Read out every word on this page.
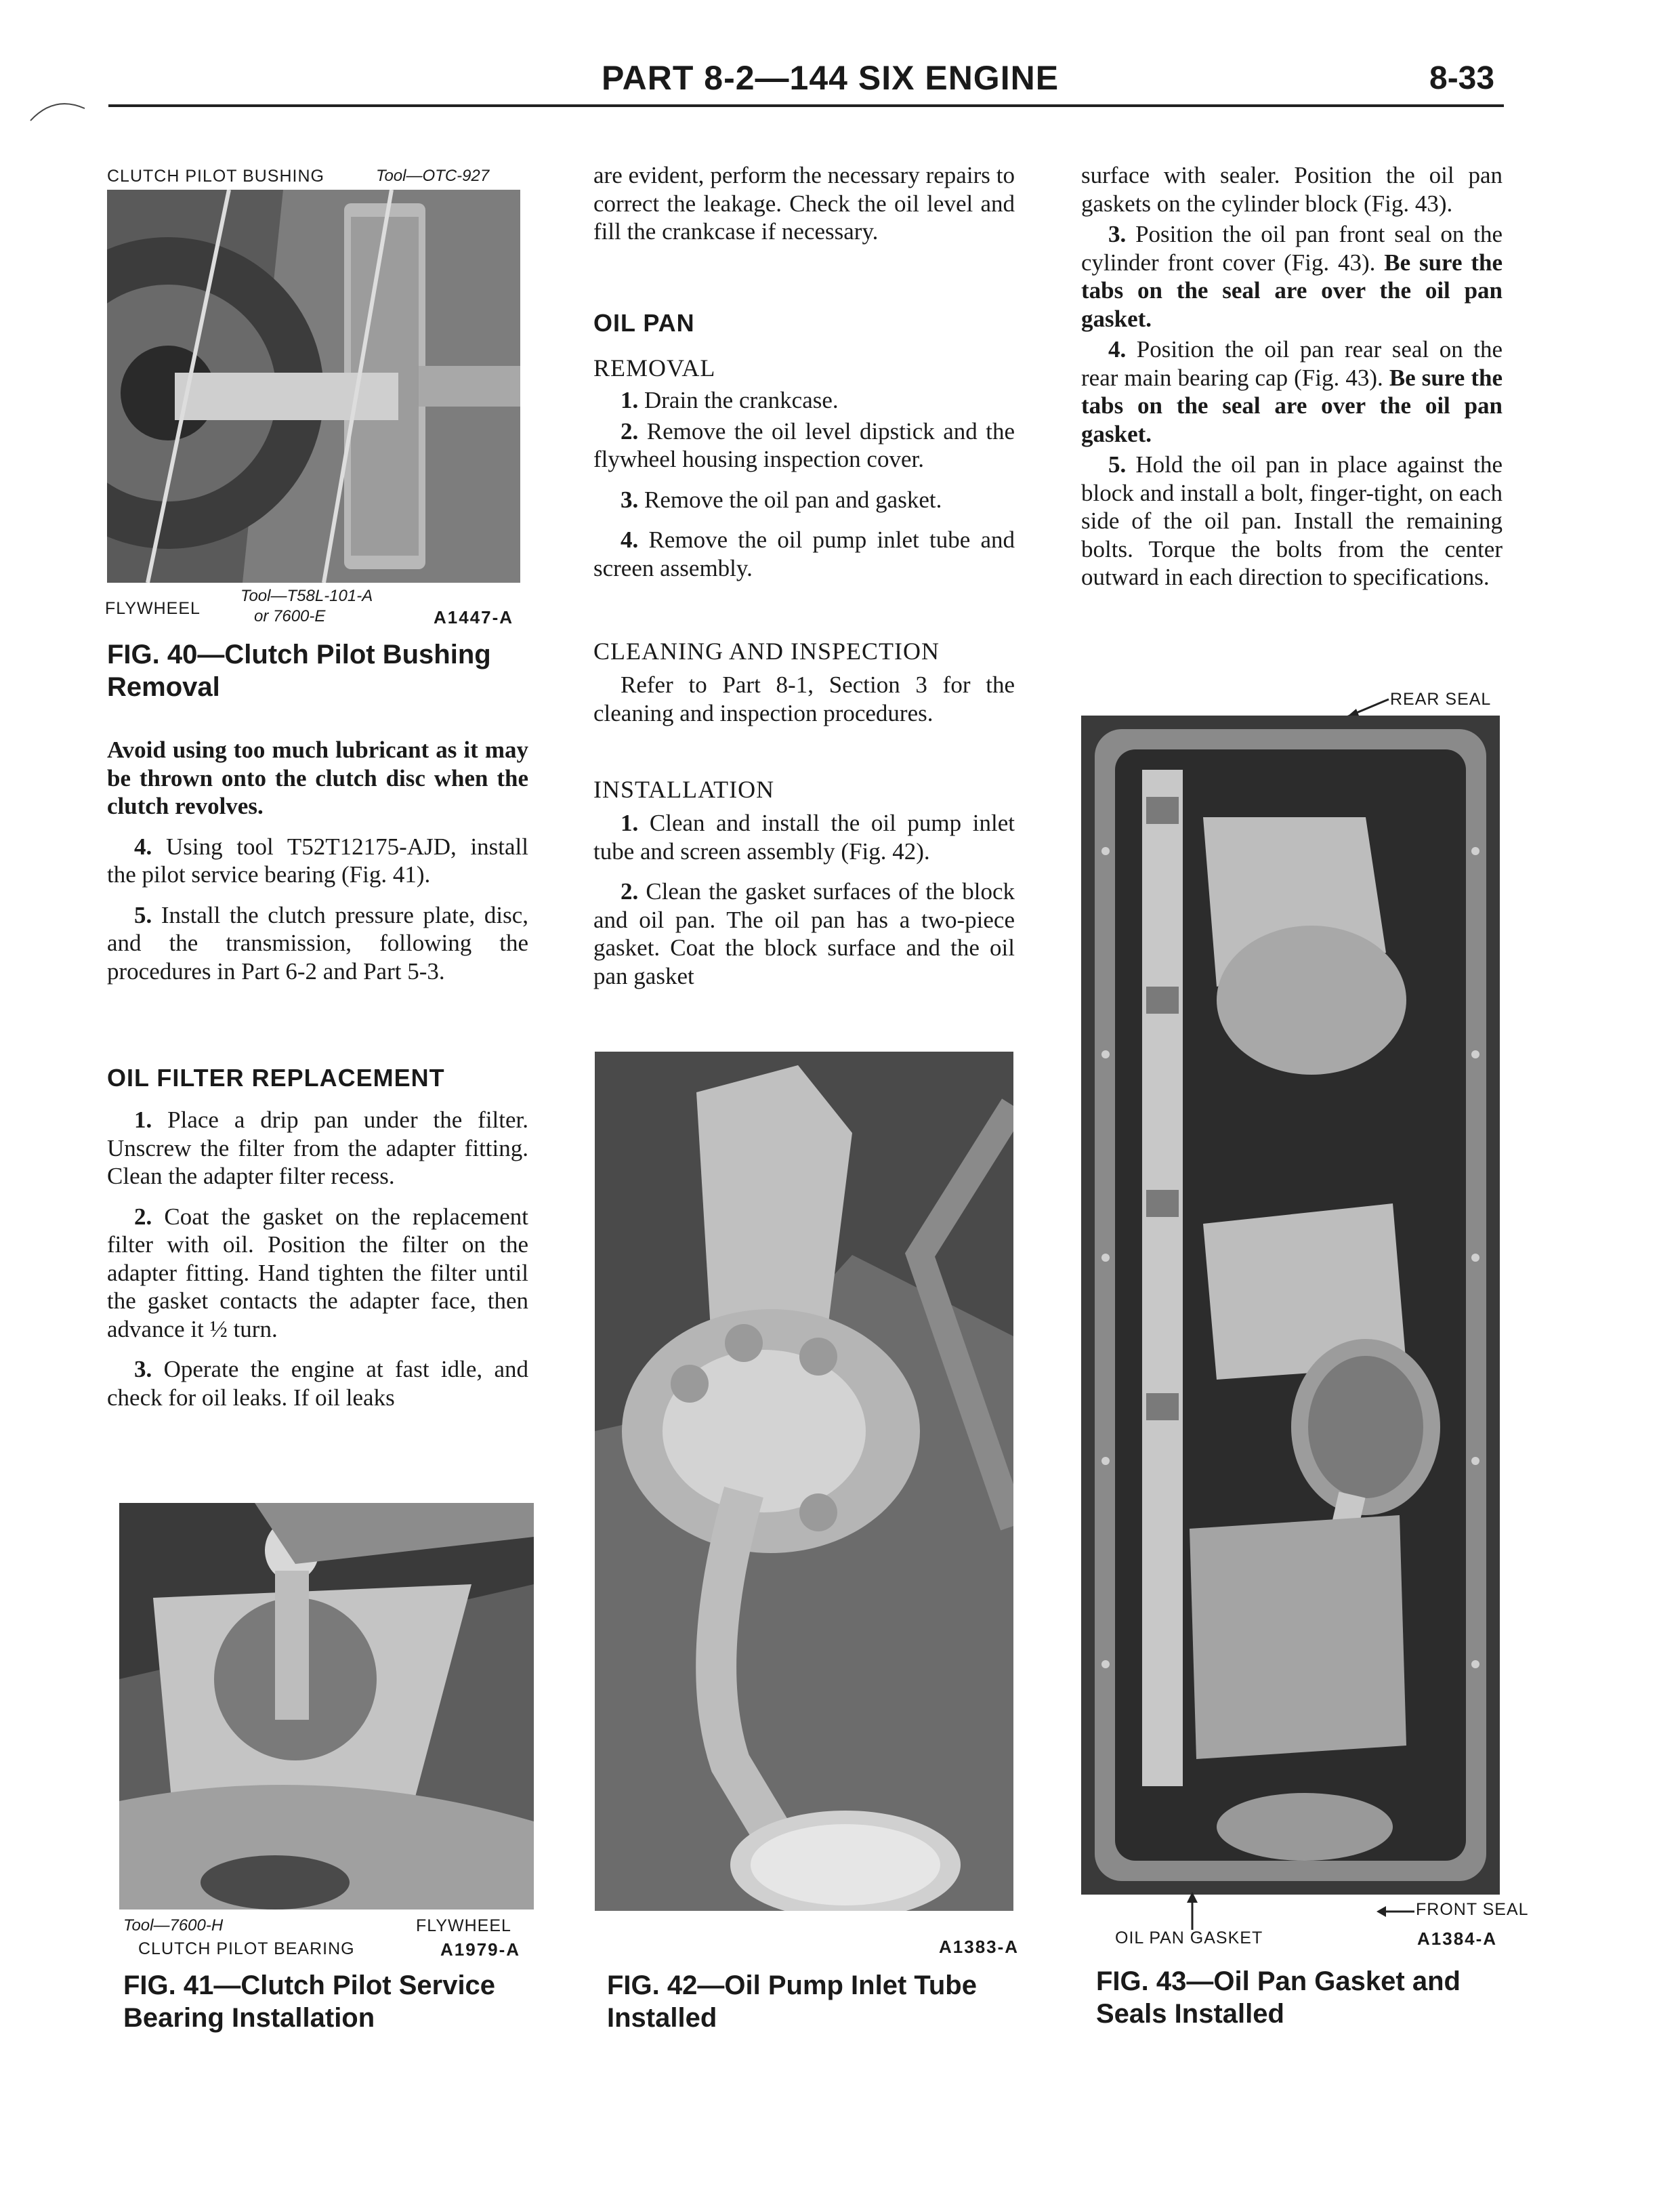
PART 8-2—144 SIX ENGINE	8-33
CLUTCH PILOT BUSHING	Tool—OTC-927
FLYWHEEL
Tool—T58L-101-A
or 7600-E	A1447-A
FIG. 40—Clutch Pilot Bushing
Removal

Avoid using too much lubricant as it may be thrown onto the clutch disc when the clutch revolves.

4. Using tool T52T12175-AJD, install the pilot service bearing (Fig. 41).

5. Install the clutch pressure plate, disc, and the transmission, following the procedures in Part 6-2 and Part 5-3.

OIL FILTER REPLACEMENT

1. Place a drip pan under the filter. Unscrew the filter from the adapter fitting. Clean the adapter filter recess.

2. Coat the gasket on the replacement filter with oil. Position the filter on the adapter fitting. Hand tighten the filter until the gasket contacts the adapter face, then advance it ½ turn.

3. Operate the engine at fast idle, and check for oil leaks. If oil leaks

Tool—7600-H	FLYWHEEL
CLUTCH PILOT BEARING	A1979-A
FIG. 41—Clutch Pilot Service
Bearing Installation

are evident, perform the necessary repairs to correct the leakage. Check the oil level and fill the crankcase if necessary.

OIL PAN
REMOVAL

1. Drain the crankcase.

2. Remove the oil level dipstick and the flywheel housing inspection cover.

3. Remove the oil pan and gasket.

4. Remove the oil pump inlet tube and screen assembly.

CLEANING AND INSPECTION

Refer to Part 8-1, Section 3 for the cleaning and inspection procedures.

INSTALLATION

1. Clean and install the oil pump inlet tube and screen assembly (Fig. 42).

2. Clean the gasket surfaces of the block and oil pan. The oil pan has a two-piece gasket. Coat the block surface and the oil pan gasket

A1383-A
FIG. 42—Oil Pump Inlet Tube
Installed

surface with sealer. Position the oil pan gaskets on the cylinder block (Fig. 43).

3. Position the oil pan front seal on the cylinder front cover (Fig. 43). Be sure the tabs on the seal are over the oil pan gasket.

4. Position the oil pan rear seal on the rear main bearing cap (Fig. 43). Be sure the tabs on the seal are over the oil pan gasket.

5. Hold the oil pan in place against the block and install a bolt, finger-tight, on each side of the oil pan. Install the remaining bolts. Torque the bolts from the center outward in each direction to specifications.

REAR SEAL
FRONT SEAL
OIL PAN GASKET	A1384-A
FIG. 43—Oil Pan Gasket and
Seals Installed
